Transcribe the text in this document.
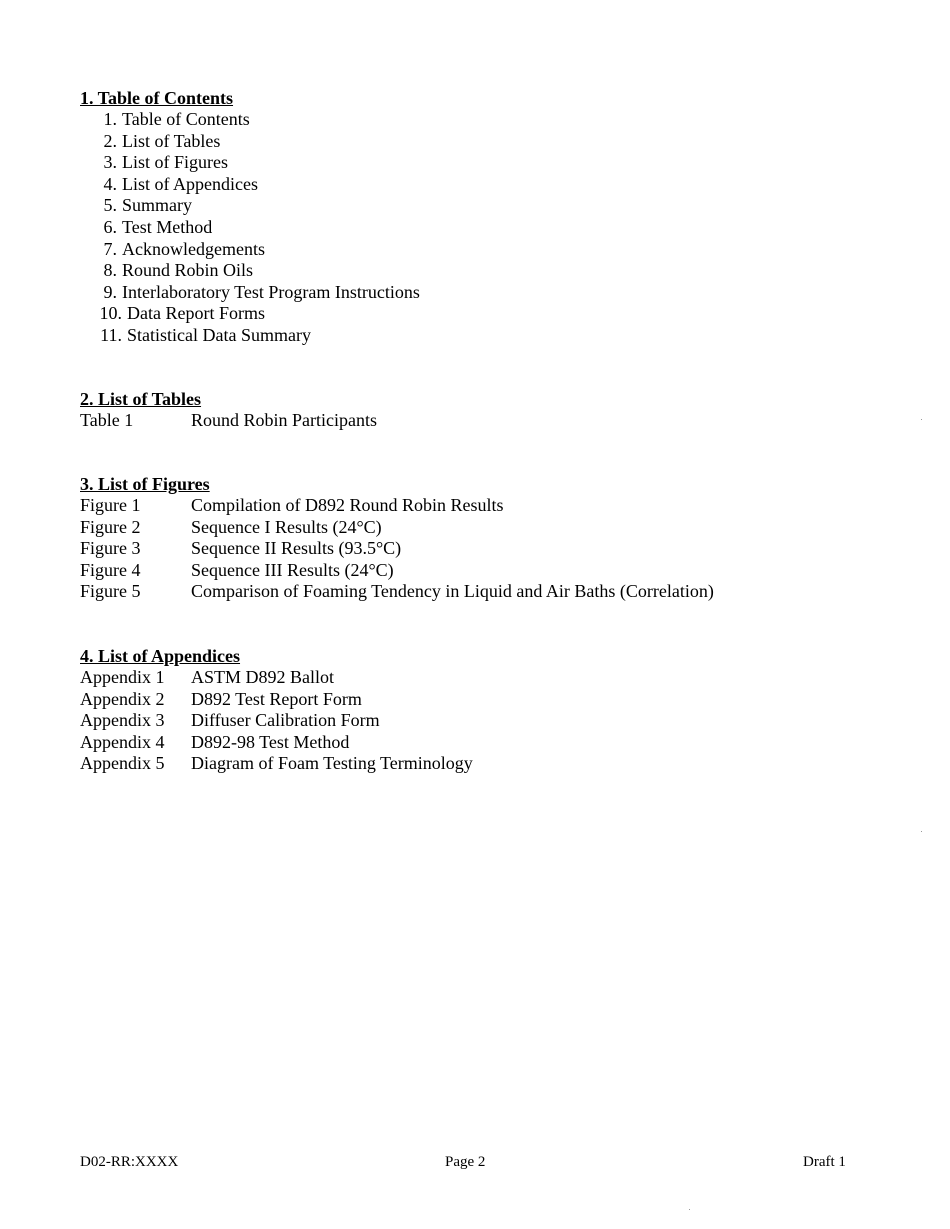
1. Table of Contents
1. Table of Contents
2. List of Tables
3. List of Figures
4. List of Appendices
5. Summary
6. Test Method
7. Acknowledgements
8. Round Robin Oils
9. Interlaboratory Test Program Instructions
10. Data Report Forms
11. Statistical Data Summary
2. List of Tables
Table 1	Round Robin Participants
3. List of Figures
Figure 1	Compilation of D892 Round Robin Results
Figure 2	Sequence I Results (24°C)
Figure 3	Sequence II Results (93.5°C)
Figure 4	Sequence III Results (24°C)
Figure 5	Comparison of Foaming Tendency in Liquid and Air Baths (Correlation)
4. List of Appendices
Appendix 1 ASTM D892 Ballot
Appendix 2 D892 Test Report Form
Appendix 3 Diffuser Calibration Form
Appendix 4 D892-98 Test Method
Appendix 5 Diagram of Foam Testing Terminology
D02-RR:XXXX	Page 2	Draft 1
